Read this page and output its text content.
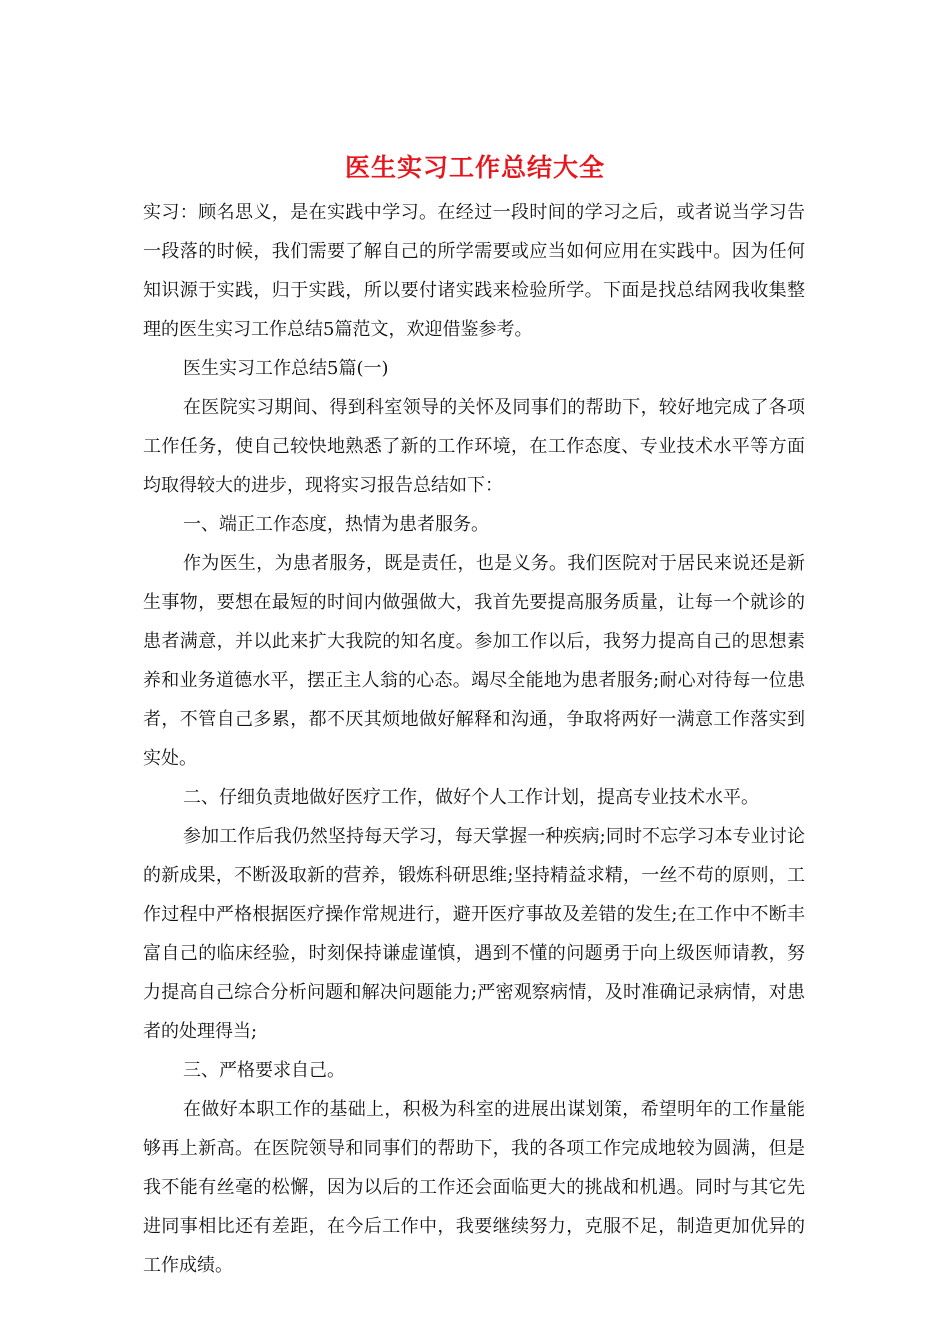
医生实习工作总结大全

实习：顾名思义，是在实践中学习。在经过一段时间的学习之后，或者说当学习告一段落的时候，我们需要了解自己的所学需要或应当如何应用在实践中。因为任何知识源于实践，归于实践，所以要付诸实践来检验所学。下面是找总结网我收集整理的医生实习工作总结5篇范文，欢迎借鉴参考。

医生实习工作总结5篇(一)

在医院实习期间、得到科室领导的关怀及同事们的帮助下，较好地完成了各项工作任务，使自己较快地熟悉了新的工作环境，在工作态度、专业技术水平等方面均取得较大的进步，现将实习报告总结如下：

一、端正工作态度，热情为患者服务。

作为医生，为患者服务，既是责任，也是义务。我们医院对于居民来说还是新生事物，要想在最短的时间内做强做大，我首先要提高服务质量，让每一个就诊的患者满意，并以此来扩大我院的知名度。参加工作以后，我努力提高自己的思想素养和业务道德水平，摆正主人翁的心态。竭尽全能地为患者服务;耐心对待每一位患者，不管自己多累，都不厌其烦地做好解释和沟通，争取将两好一满意工作落实到实处。

二、仔细负责地做好医疗工作，做好个人工作计划，提高专业技术水平。

参加工作后我仍然坚持每天学习，每天掌握一种疾病;同时不忘学习本专业讨论的新成果，不断汲取新的营养，锻炼科研思维;坚持精益求精，一丝不苟的原则，工作过程中严格根据医疗操作常规进行，避开医疗事故及差错的发生;在工作中不断丰富自己的临床经验，时刻保持谦虚谨慎，遇到不懂的问题勇于向上级医师请教，努力提高自己综合分析问题和解决问题能力;严密观察病情，及时准确记录病情，对患者的处理得当;

三、严格要求自己。

在做好本职工作的基础上，积极为科室的进展出谋划策，希望明年的工作量能够再上新高。在医院领导和同事们的帮助下，我的各项工作完成地较为圆满，但是我不能有丝毫的松懈，因为以后的工作还会面临更大的挑战和机遇。同时与其它先进同事相比还有差距，在今后工作中，我要继续努力，克服不足，制造更加优异的工作成绩。
